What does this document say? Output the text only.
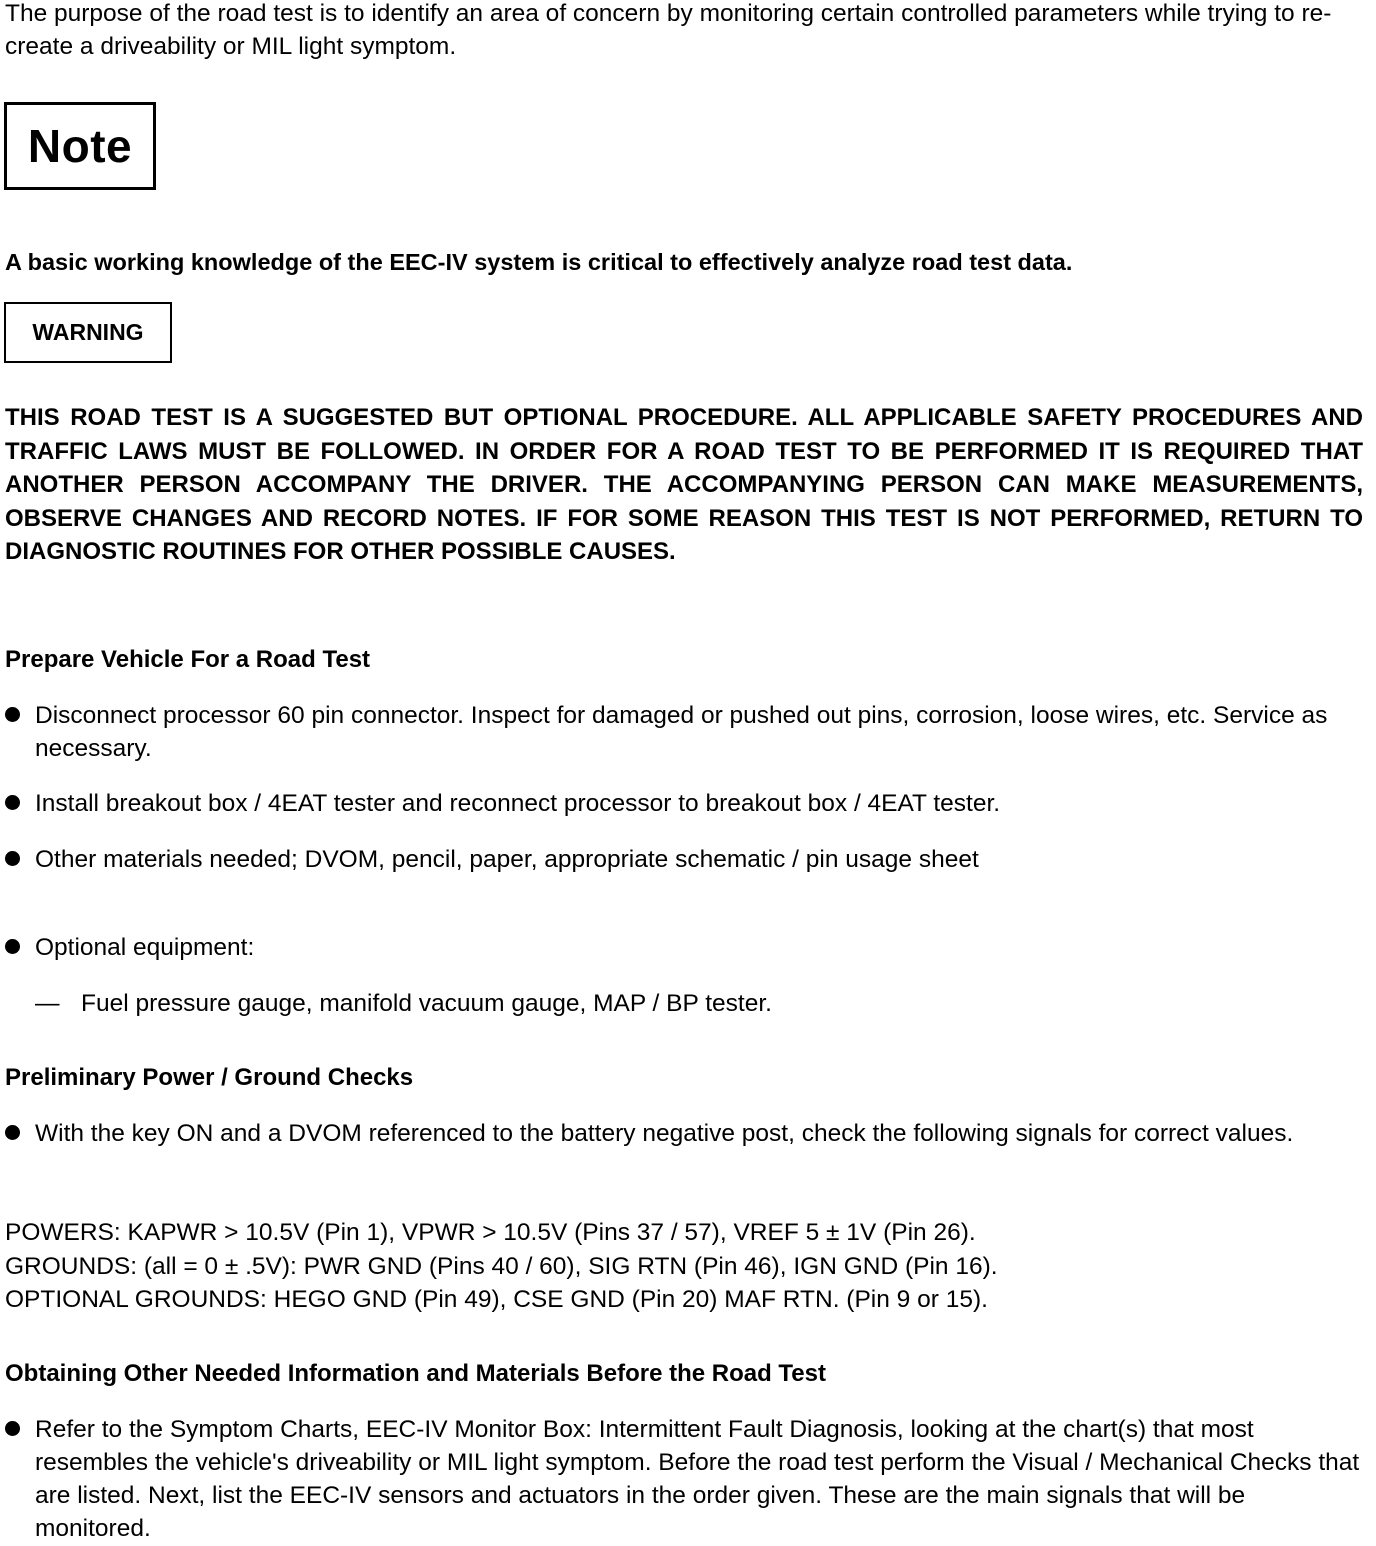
The purpose of the road test is to identify an area of concern by monitoring certain controlled parameters while trying to re-create a driveability or MIL light symptom.

Note

A basic working knowledge of the EEC-IV system is critical to effectively analyze road test data.

WARNING

THIS ROAD TEST IS A SUGGESTED BUT OPTIONAL PROCEDURE. ALL APPLICABLE SAFETY PROCEDURES AND TRAFFIC LAWS MUST BE FOLLOWED. IN ORDER FOR A ROAD TEST TO BE PERFORMED IT IS REQUIRED THAT ANOTHER PERSON ACCOMPANY THE DRIVER. THE ACCOMPANYING PERSON CAN MAKE MEASUREMENTS, OBSERVE CHANGES AND RECORD NOTES. IF FOR SOME REASON THIS TEST IS NOT PERFORMED, RETURN TO DIAGNOSTIC ROUTINES FOR OTHER POSSIBLE CAUSES.

Prepare Vehicle For a Road Test
Disconnect processor 60 pin connector. Inspect for damaged or pushed out pins, corrosion, loose wires, etc. Service as necessary.
Install breakout box / 4EAT tester and reconnect processor to breakout box / 4EAT tester.
Other materials needed; DVOM, pencil, paper, appropriate schematic / pin usage sheet
Optional equipment:
— Fuel pressure gauge, manifold vacuum gauge, MAP / BP tester.
Preliminary Power / Ground Checks
With the key ON and a DVOM referenced to the battery negative post, check the following signals for correct values.
POWERS: KAPWR > 10.5V (Pin 1), VPWR > 10.5V (Pins 37 / 57), VREF 5 ± 1V (Pin 26).
GROUNDS: (all = 0 ± .5V): PWR GND (Pins 40 / 60), SIG RTN (Pin 46), IGN GND (Pin 16).
OPTIONAL GROUNDS: HEGO GND (Pin 49), CSE GND (Pin 20) MAF RTN. (Pin 9 or 15).
Obtaining Other Needed Information and Materials Before the Road Test
Refer to the Symptom Charts, EEC-IV Monitor Box: Intermittent Fault Diagnosis, looking at the chart(s) that most resembles the vehicle's driveability or MIL light symptom. Before the road test perform the Visual / Mechanical Checks that are listed. Next, list the EEC-IV sensors and actuators in the order given. These are the main signals that will be monitored.
